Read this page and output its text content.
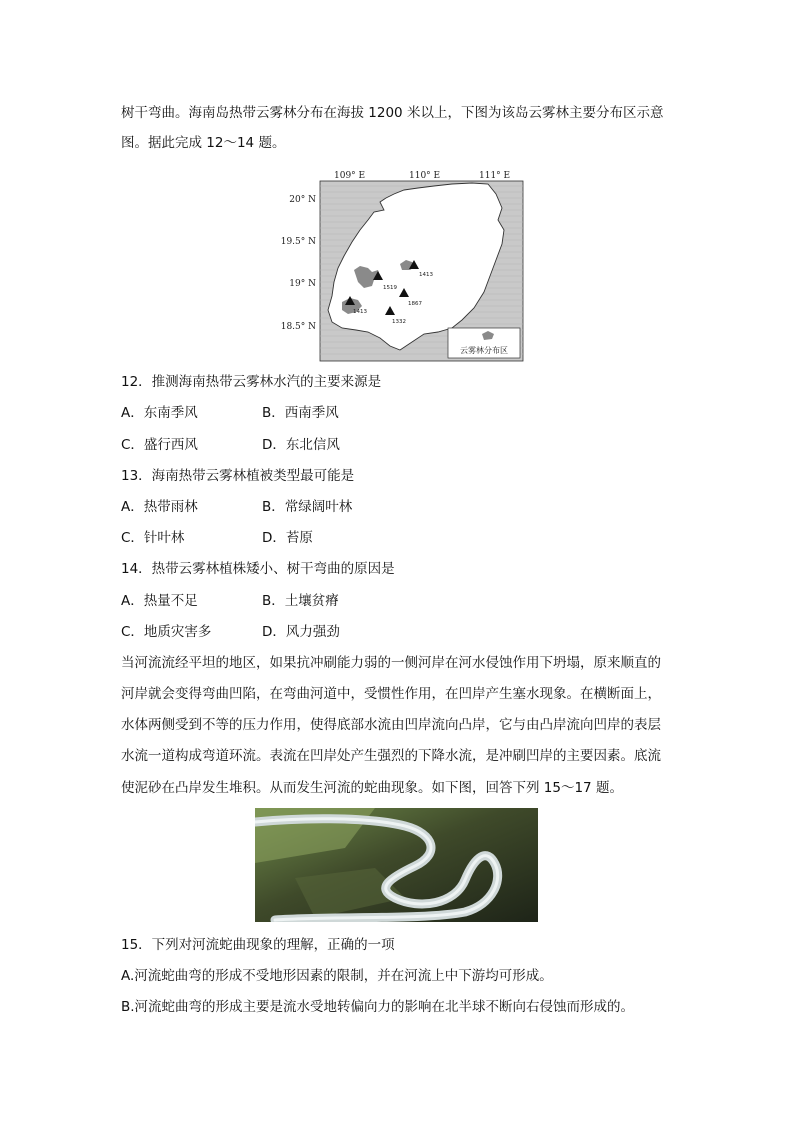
树干弯曲。海南岛热带云雾林分布在海拔 1200 米以上，下图为该岛云雾林主要分布区示意
图。据此完成 12～14 题。
109° E	110° E	111° E
20° N
19.5° N
19° N
18.5° N
1413
1519
1867
1413
1332
云雾林分布区
12．推测海南热带云雾林水汽的主要来源是
A．东南季风	B．西南季风
C．盛行西风	D．东北信风
13．海南热带云雾林植被类型最可能是
A．热带雨林	B．常绿阔叶林
C．针叶林	D．苔原
14．热带云雾林植株矮小、树干弯曲的原因是
A．热量不足	B．土壤贫瘠
C．地质灾害多	D．风力强劲
当河流流经平坦的地区，如果抗冲刷能力弱的一侧河岸在河水侵蚀作用下坍塌，原来顺直的
河岸就会变得弯曲凹陷，在弯曲河道中，受惯性作用，在凹岸产生塞水现象。在横断面上，
水体两侧受到不等的压力作用，使得底部水流由凹岸流向凸岸，它与由凸岸流向凹岸的表层
水流一道构成弯道环流。表流在凹岸处产生强烈的下降水流，是冲刷凹岸的主要因素。底流
使泥砂在凸岸发生堆积。从而发生河流的蛇曲现象。如下图，回答下列 15～17 题。
15．下列对河流蛇曲现象的理解，正确的一项
A.河流蛇曲弯的形成不受地形因素的限制，并在河流上中下游均可形成。
B.河流蛇曲弯的形成主要是流水受地转偏向力的影响在北半球不断向右侵蚀而形成的。
